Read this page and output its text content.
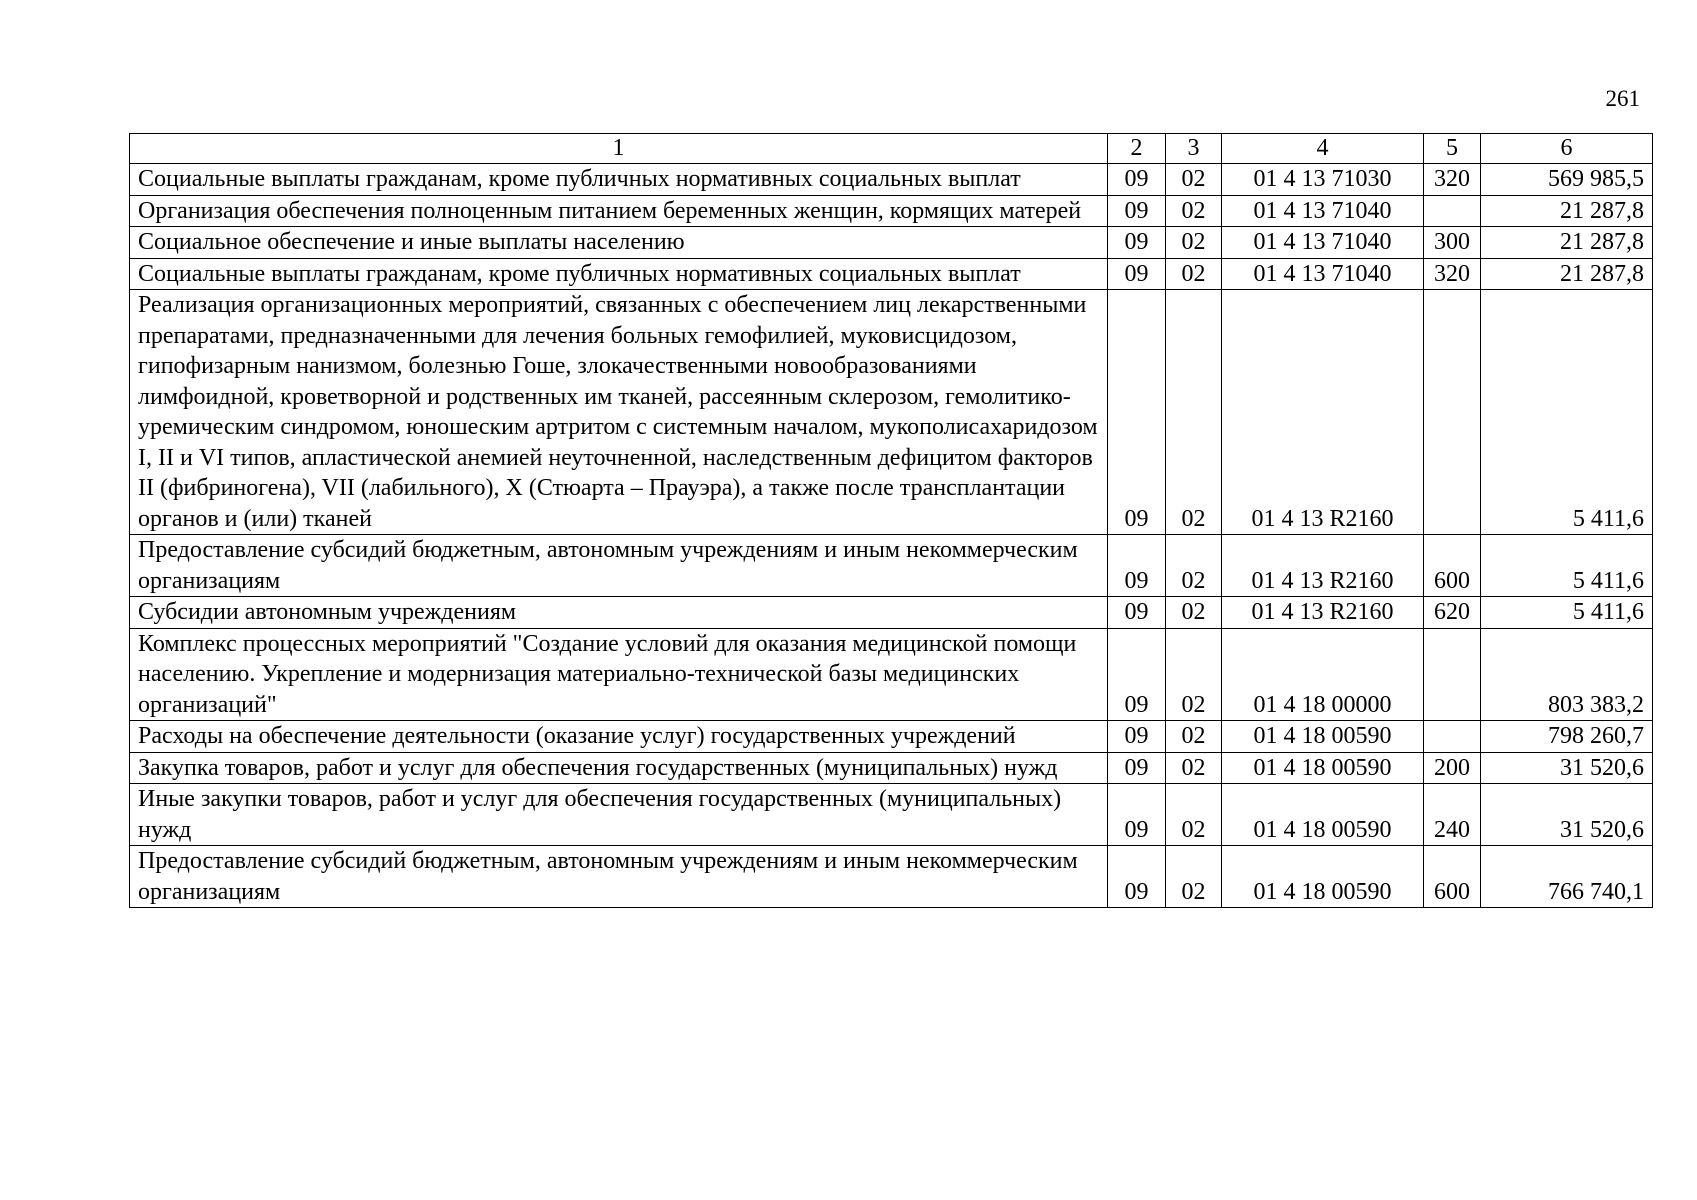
261
1	2	3	4	5	6
Социальные выплаты гражданам, кроме публичных нормативных социальных выплат	09	02	01 4 13 71030	320	569 985,5
Организация обеспечения полноценным питанием беременных женщин, кормящих матерей	09	02	01 4 13 71040		21 287,8
Социальное обеспечение и иные выплаты населению	09	02	01 4 13 71040	300	21 287,8
Социальные выплаты гражданам, кроме публичных нормативных социальных выплат	09	02	01 4 13 71040	320	21 287,8
Реализация организационных мероприятий, связанных с обеспечением лиц лекарственными препаратами, предназначенными для лечения больных гемофилией, муковисцидозом, гипофизарным нанизмом, болезнью Гоше, злокачественными новообразованиями лимфоидной, кроветворной и родственных им тканей, рассеянным склерозом, гемолитико-уремическим синдромом, юношеским артритом с системным началом, мукополисахаридозом I, II и VI типов, апластической анемией неуточненной, наследственным дефицитом факторов II (фибриногена), VII (лабильного), X (Стюарта – Прауэра), а также после трансплантации органов и (или) тканей	09	02	01 4 13 R2160		5 411,6
Предоставление субсидий бюджетным, автономным учреждениям и иным некоммерческим организациям	09	02	01 4 13 R2160	600	5 411,6
Субсидии автономным учреждениям	09	02	01 4 13 R2160	620	5 411,6
Комплекс процессных мероприятий "Создание условий для оказания медицинской помощи населению. Укрепление и модернизация материально-технической базы медицинских организаций"	09	02	01 4 18 00000		803 383,2
Расходы на обеспечение деятельности (оказание услуг) государственных учреждений	09	02	01 4 18 00590		798 260,7
Закупка товаров, работ и услуг для обеспечения государственных (муниципальных) нужд	09	02	01 4 18 00590	200	31 520,6
Иные закупки товаров, работ и услуг для обеспечения государственных (муниципальных) нужд	09	02	01 4 18 00590	240	31 520,6
Предоставление субсидий бюджетным, автономным учреждениям и иным некоммерческим организациям	09	02	01 4 18 00590	600	766 740,1
